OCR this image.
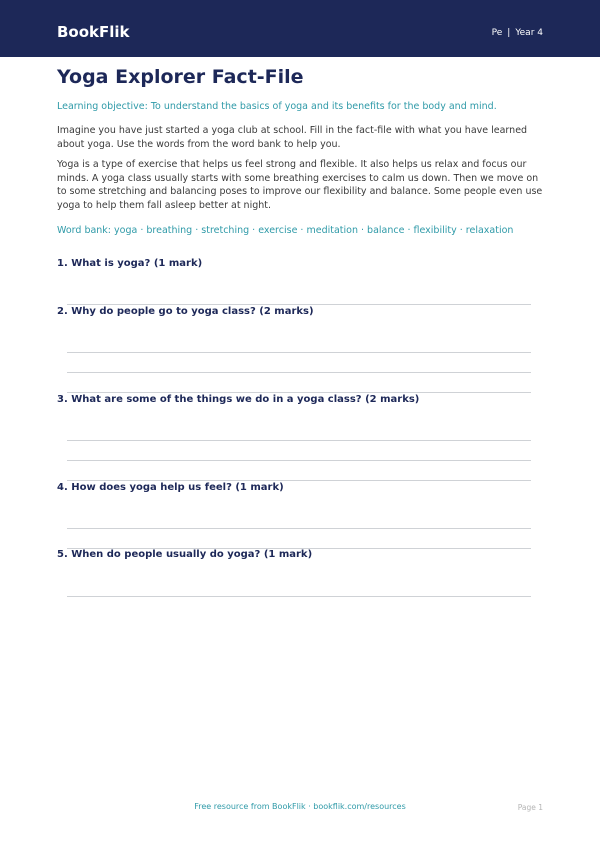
BookFlik	Pe | Year 4
Yoga Explorer Fact-File
Learning objective: To understand the basics of yoga and its benefits for the body and mind.
Imagine you have just started a yoga club at school. Fill in the fact-file with what you have learned about yoga. Use the words from the word bank to help you.
Yoga is a type of exercise that helps us feel strong and flexible. It also helps us relax and focus our minds. A yoga class usually starts with some breathing exercises to calm us down. Then we move on to some stretching and balancing poses to improve our flexibility and balance. Some people even use yoga to help them fall asleep better at night.
Word bank: yoga · breathing · stretching · exercise · meditation · balance · flexibility · relaxation
1. What is yoga? (1 mark)
2. Why do people go to yoga class? (2 marks)
3. What are some of the things we do in a yoga class? (2 marks)
4. How does yoga help us feel? (1 mark)
5. When do people usually do yoga? (1 mark)
Free resource from BookFlik · bookflik.com/resources	Page 1
